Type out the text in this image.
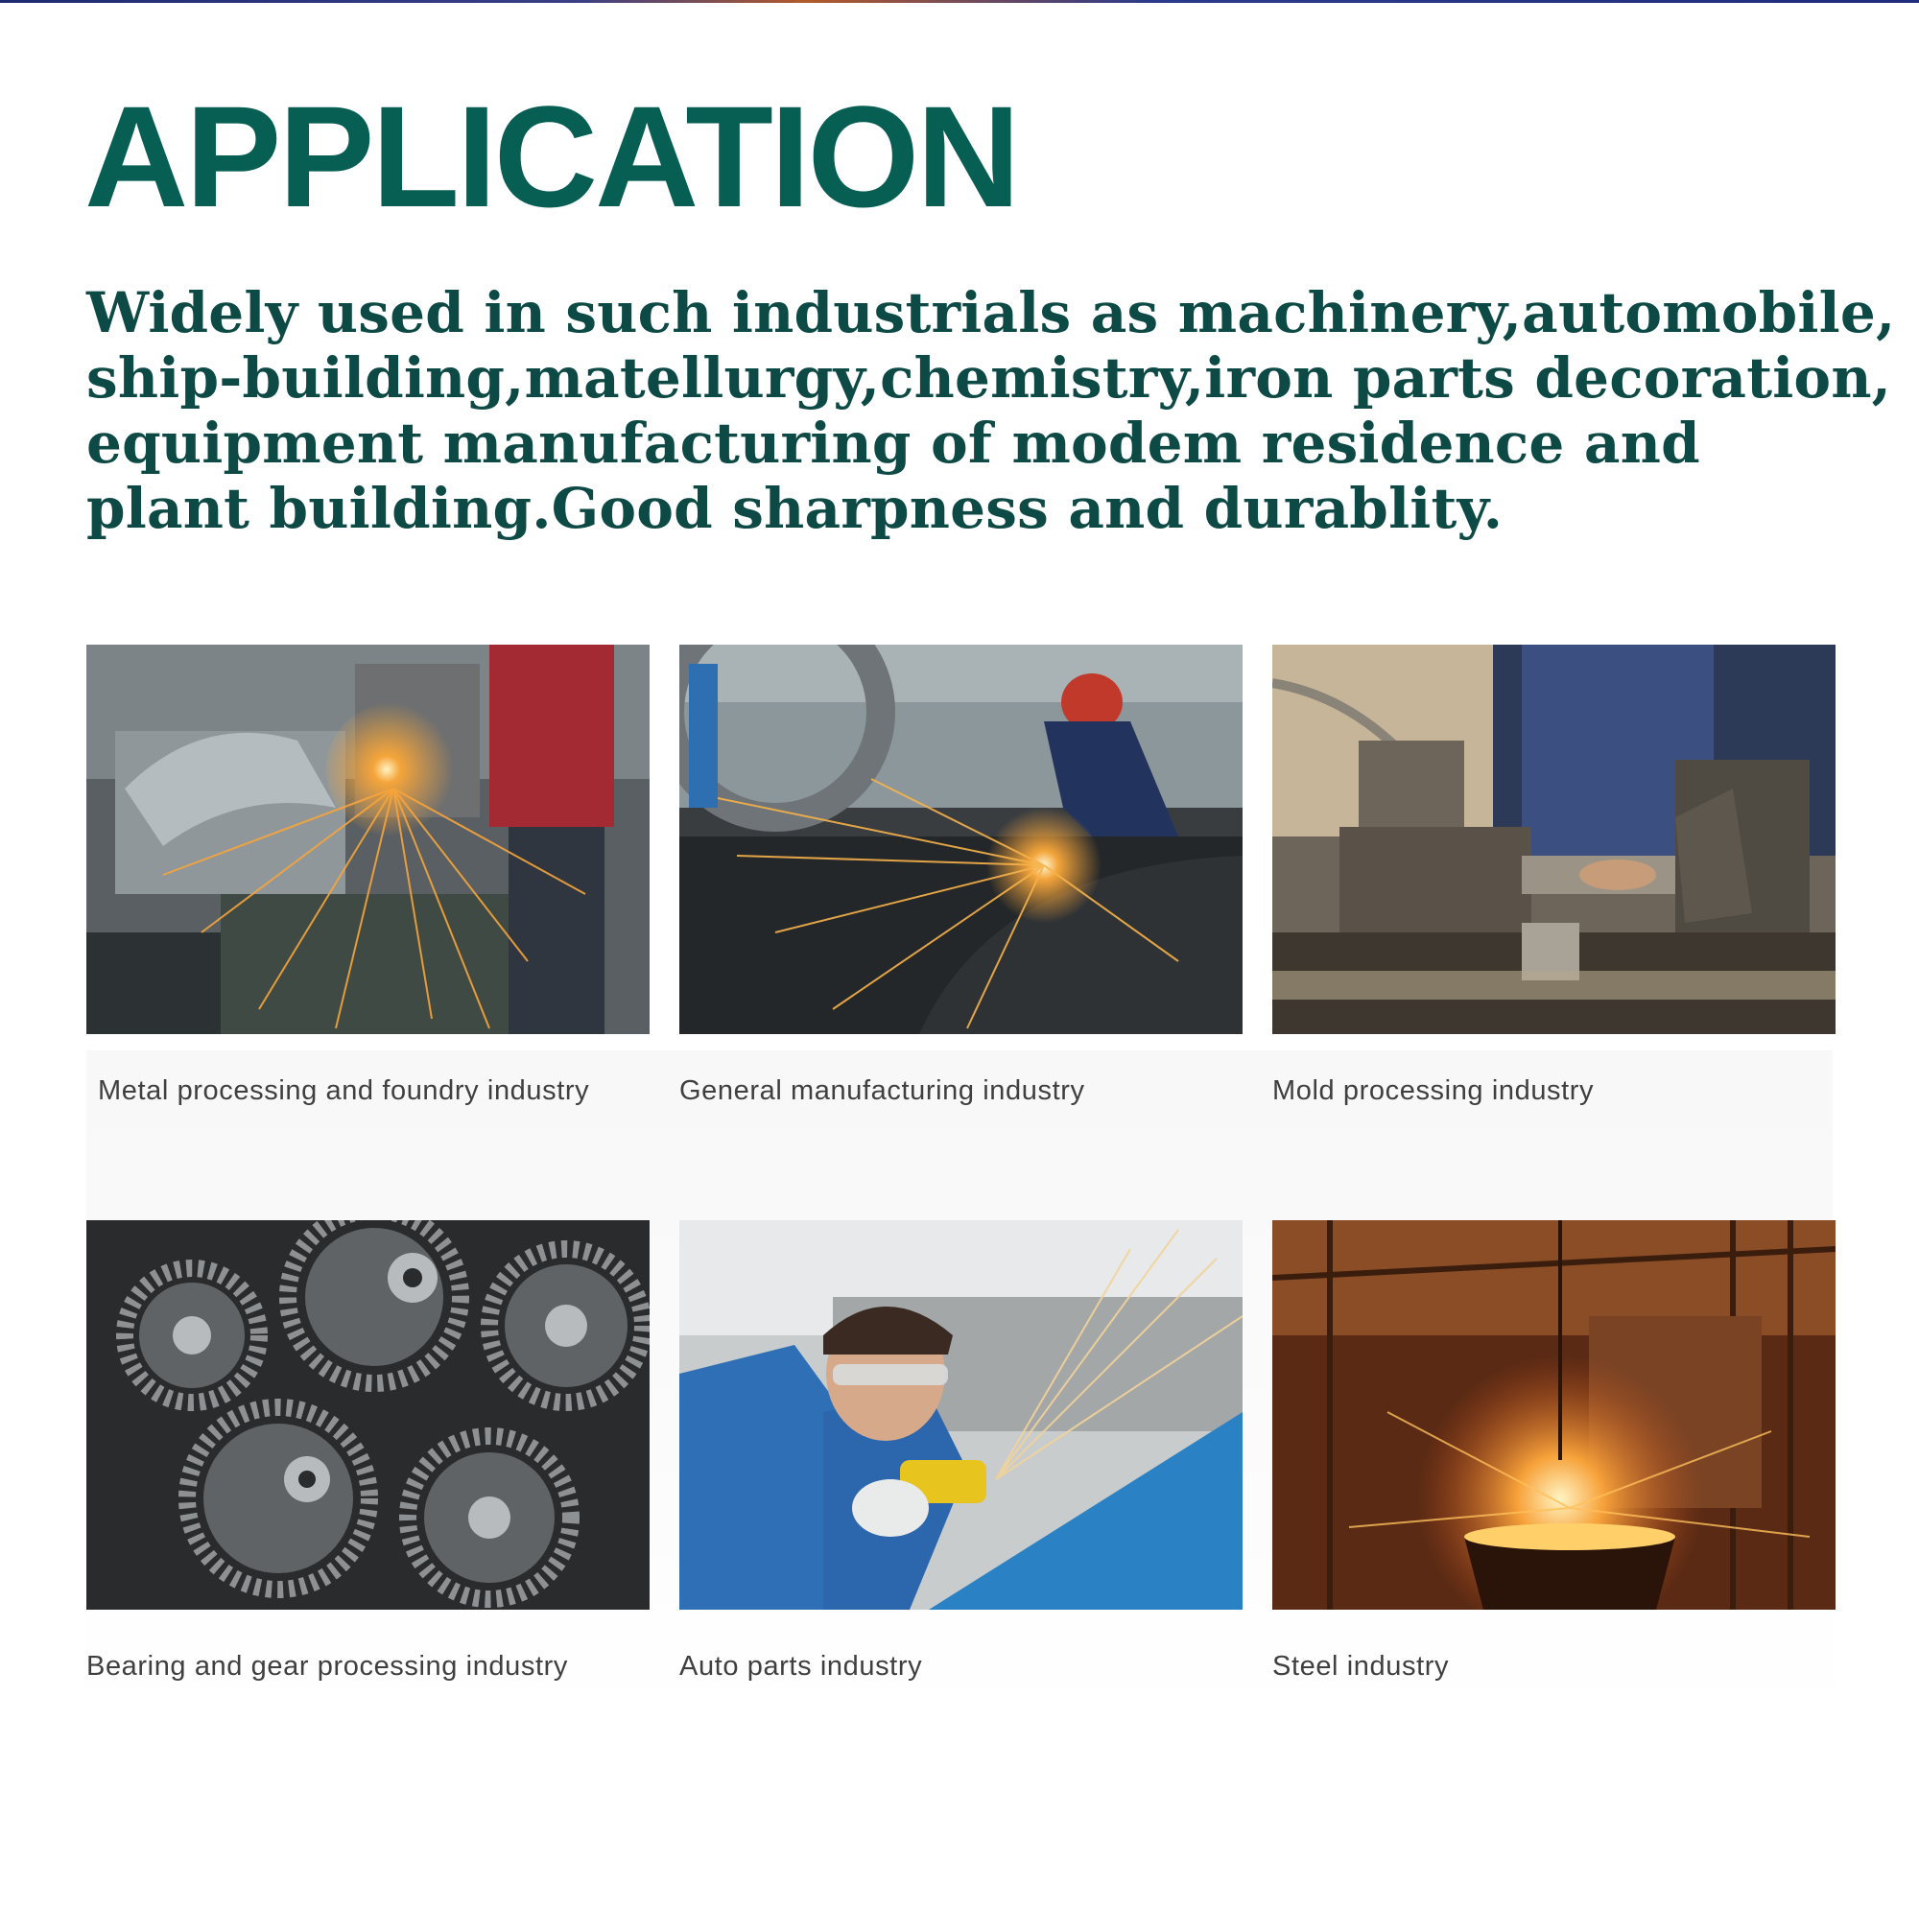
APPLICATION

Widely used in such industrials as machinery,automobile,
ship-building,matellurgy,chemistry,iron parts decoration,
equipment manufacturing of modem residence and
plant building.Good sharpness and durablity.

Metal processing and foundry industry	General manufacturing industry	Mold processing industry
Bearing and gear processing industry	Auto parts industry	Steel industry
